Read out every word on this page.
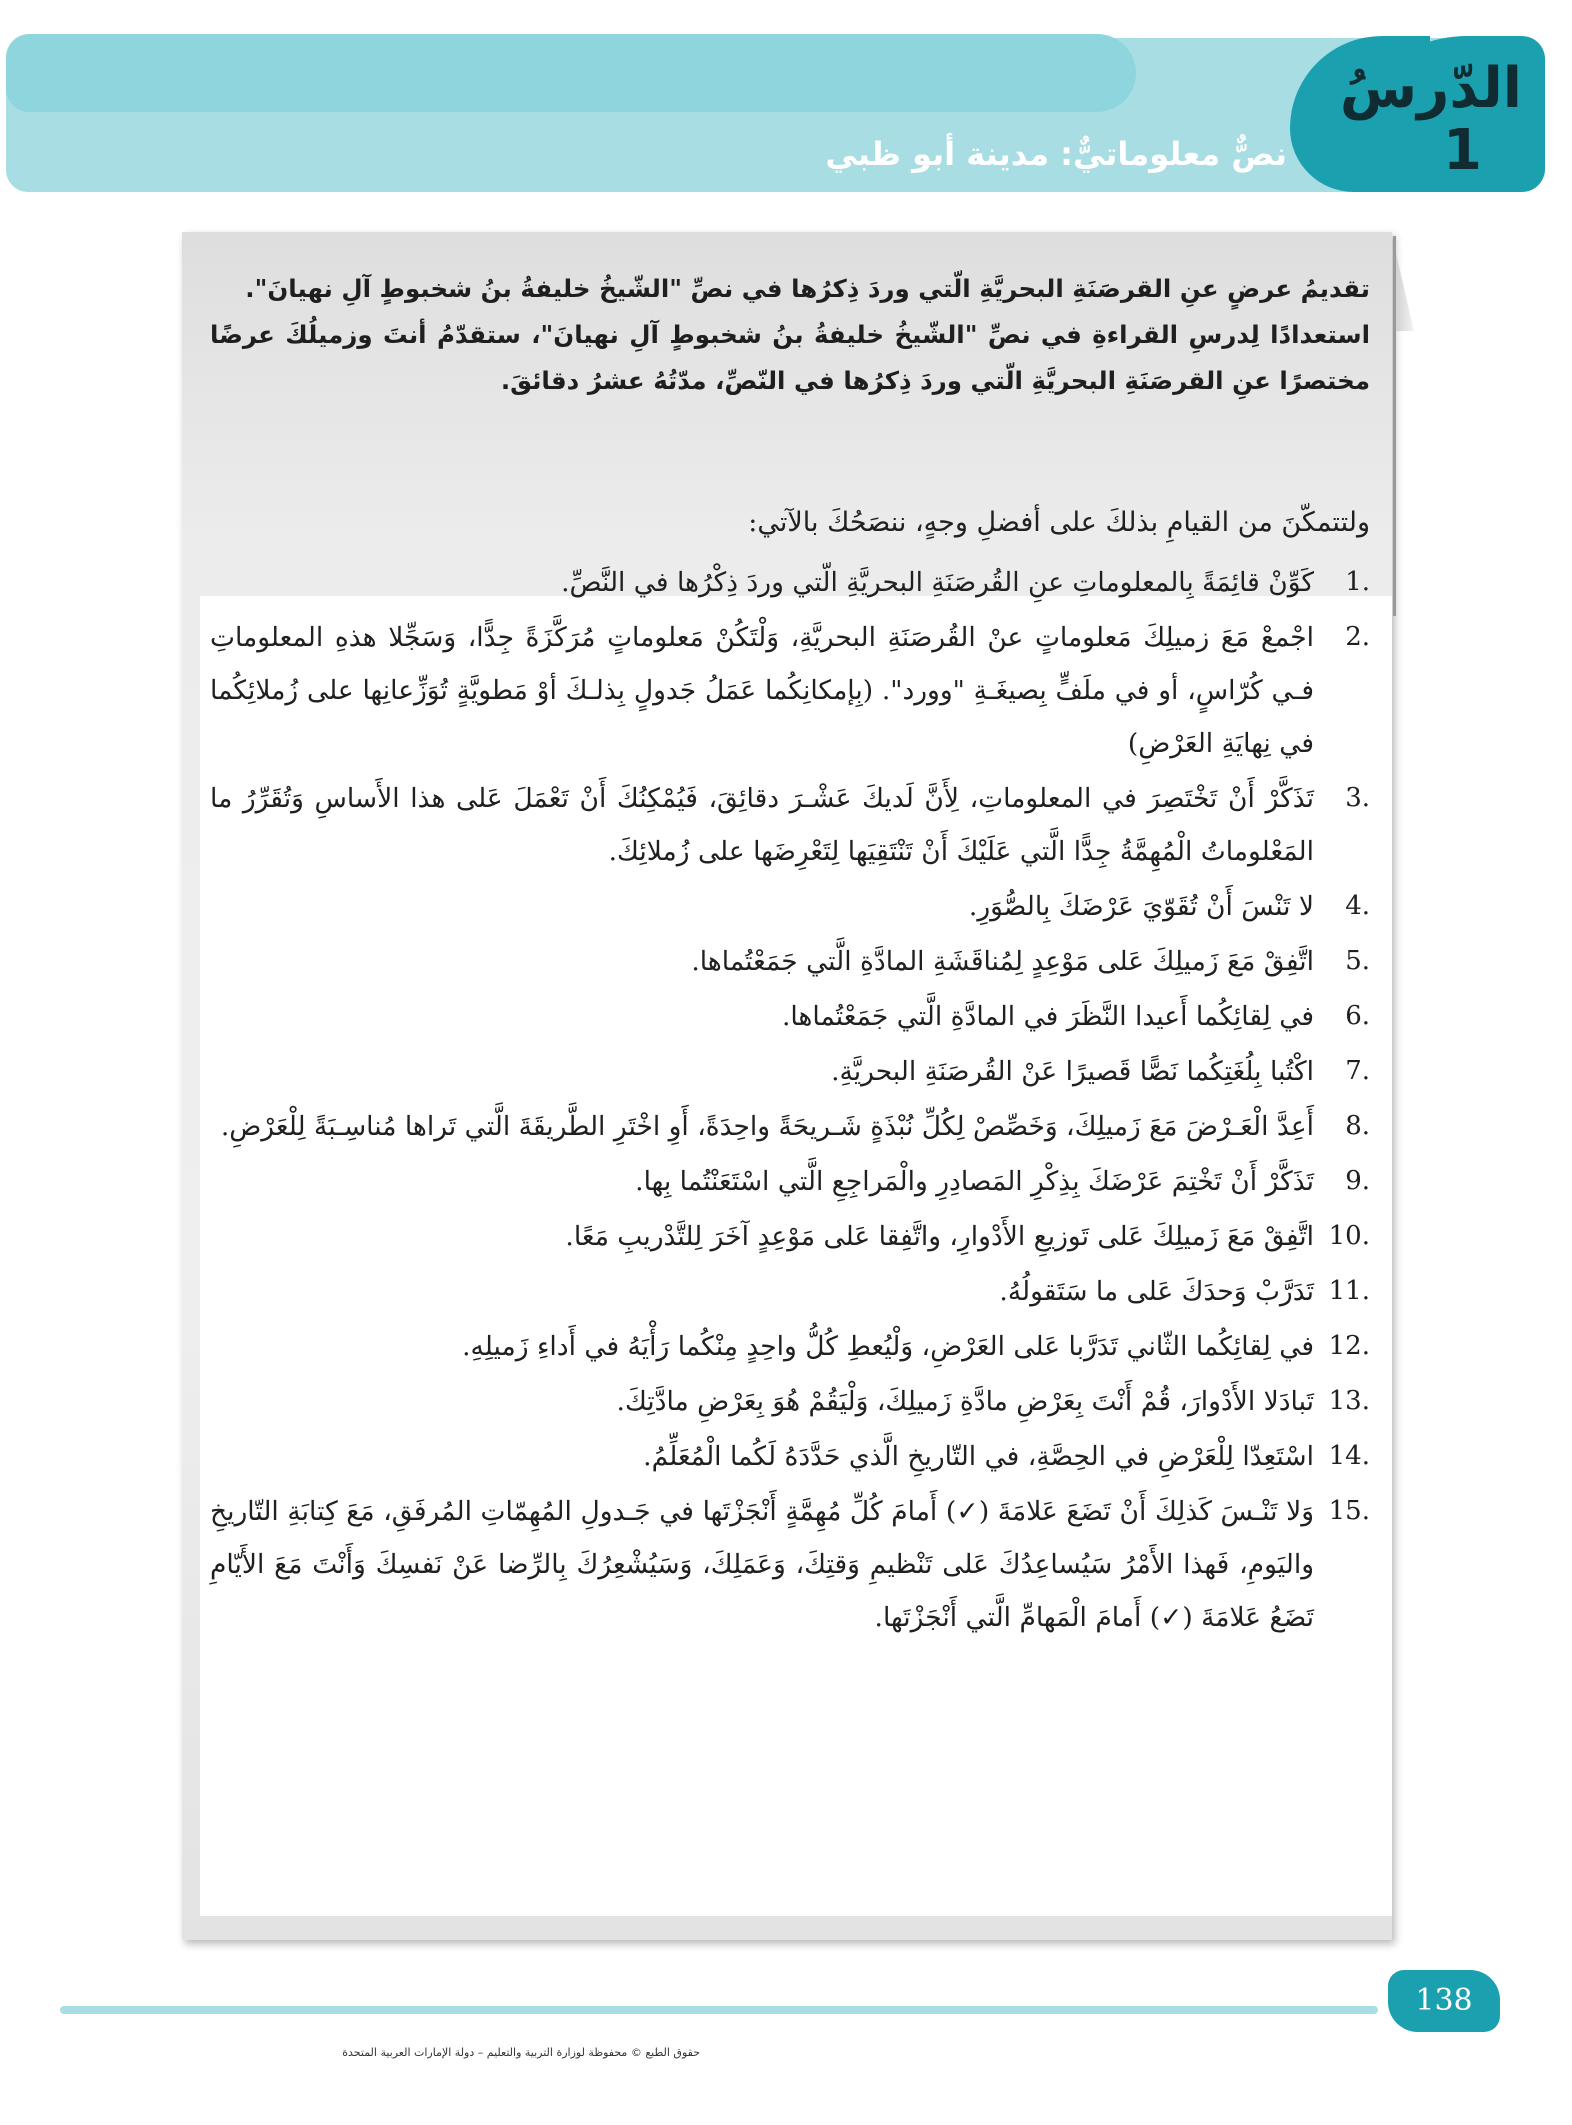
الدّرسُ
1
نصٌّ معلوماتيٌّ: مدينة أبو ظبي

تقديمُ عرضٍ عنِ القرصَنَةِ البحريَّةِ الّتي وردَ ذِكرُها في نصِّ "الشّيخُ خليفةُ بنُ شخبوطٍ آلِ نهيانَ".

استعدادًا لِدرسِ القراءةِ في نصِّ "الشّيخُ خليفةُ بنُ شخبوطٍ آلِ نهيانَ"، ستقدّمُ أنتَ وزميلُكَ عرضًا مختصرًا عنِ القرصَنَةِ البحريَّةِ الّتي وردَ ذِكرُها في النّصِّ، مدّتُهُ عشرُ دقائقَ.

ولتتمكّنَ من القيامِ بذلكَ على أفضلِ وجهٍ، ننصَحُكَ بالآتي:
1.
كَوِّنْ قائِمَةً بِالمعلوماتِ عنِ القُرصَنَةِ البحريَّةِ الّتي وردَ ذِكْرُها في النَّصِّ.
2.
اجْمعْ مَعَ زميلِكَ مَعلوماتٍ عنْ القُرصَنَةِ البحريَّةِ، وَلْتَكُنْ مَعلوماتٍ مُرَكَّزَةً جِدًّا، وَسَجِّلا هذهِ المعلوماتِ فـي كُرّاسٍ، أو في ملَفٍّ بِصيغَـةِ "وورد". (بِإمكانِكُما عَمَلُ جَدولٍ بِذلـكَ أوْ مَطويَّةٍ تُوَزِّعانِها على زُملائِكُما في نِهايَةِ العَرْضِ)
3.
تَذَكَّرْ أَنْ تَخْتَصِرَ في المعلوماتِ، لِأَنَّ لَديكَ عَشْـرَ دقائِقَ، فَيُمْكِنُكَ أَنْ تَعْمَلَ عَلى هذا الأَساسِ وَتُقَرِّرُ ما المَعْلوماتُ الْمُهِمَّةُ جِدًّا الَّتي عَلَيْكَ أَنْ تَنْتَقِيَها لِتَعْرِضَها على زُملائِكَ.
4.
لا تَنْسَ أَنْ تُقَوّيَ عَرْضَكَ بِالصُّوَرِ.
5.
اتَّفِقْ مَعَ زَميلِكَ عَلى مَوْعِدٍ لِمُناقَشَةِ المادَّةِ الَّتي جَمَعْتُماها.
6.
في لِقائِكُما أَعيدا النَّظَرَ في المادَّةِ الَّتي جَمَعْتُماها.
7.
اكْتُبا بِلُغَتِكُما نَصًّا قَصيرًا عَنْ القُرصَنَةِ البحريَّةِ.
8.
أَعِدَّ الْعَـرْضَ مَعَ زَميلِكَ، وَخَصِّصْ لِكُلِّ نُبْذَةٍ شَـريحَةً واحِدَةً، أَوِ اخْتَرِ الطَّريقَةَ الَّتي تَراها مُناسِـبَةً لِلْعَرْضِ.
9.
تَذَكَّرْ أَنْ تَخْتِمَ عَرْضَكَ بِذِكْرِ المَصادِرِ والْمَراجِعِ الَّتي اسْتَعَنْتُما بِها.
10.
اتَّفِقْ مَعَ زَميلِكَ عَلى تَوزيعِ الأَدْوارِ، واتَّفِقا عَلى مَوْعِدٍ آخَرَ لِلتَّدْريبِ مَعًا.
11.
تَدَرَّبْ وَحدَكَ عَلى ما سَتَقولُهُ.
12.
في لِقائِكُما الثّاني تَدَرَّبا عَلى العَرْضِ، وَلْيُعطِ كُلُّ واحِدٍ مِنْكُما رَأْيَهُ في أَداءِ زَميلِهِ.
13.
تَبادَلا الأَدْوارَ، قُمْ أَنْتَ بِعَرْضِ مادَّةِ زَميلِكَ، وَلْيَقُمْ هُوَ بِعَرْضِ مادَّتِكَ.
14.
اسْتَعِدّا لِلْعَرْضِ في الحِصَّةِ، في التّاريخِ الَّذي حَدَّدَهُ لَكُما الْمُعَلِّمُ.
15.
وَلا تَنْـسَ كَذلِكَ أَنْ تَضَعَ عَلامَةَ (✓) أَمامَ كُلِّ مُهِمَّةٍ أَنْجَزْتَها في جَـدولِ المُهِمّاتِ المُرفَقِ، مَعَ كِتابَةِ التّاريخِ واليَومِ، فَهذا الأَمْرُ سَيُساعِدُكَ عَلى تَنْظيمِ وَقتِكَ، وَعَمَلِكَ، وَسَيُشْعِرُكَ بِالرِّضا عَنْ نَفسِكَ وَأَنْتَ مَعَ الأَيّامِ تَضَعُ عَلامَةَ (✓) أَمامَ الْمَهامِّ الَّتي أَنْجَزْتَها.
138
حقوق الطبع © محفوظة لوزارة التربية والتعليم – دولة الإمارات العربية المتحدة
